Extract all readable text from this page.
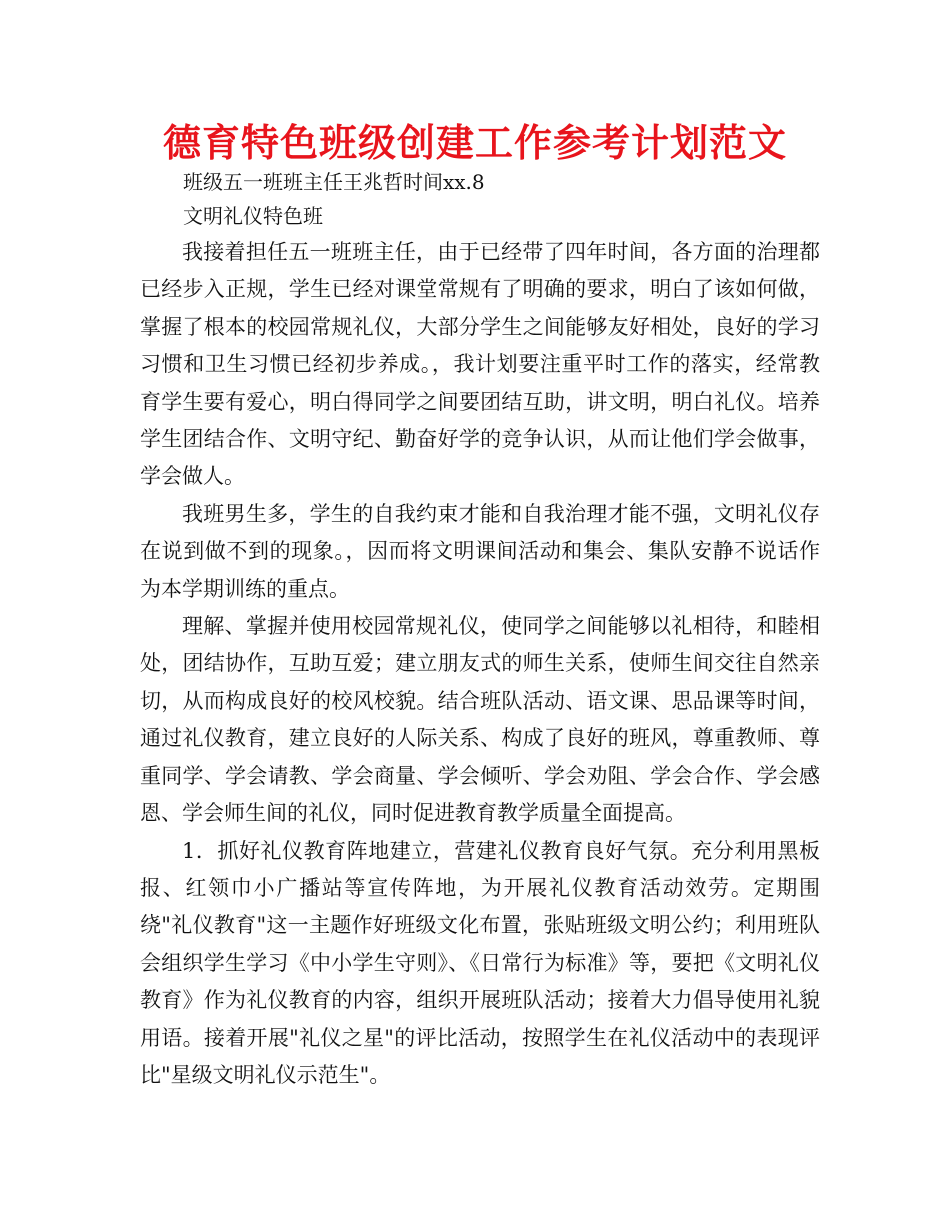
德育特色班级创建工作参考计划范文
班级五一班班主任王兆哲时间xx.8
文明礼仪特色班

我接着担任五一班班主任，由于已经带了四年时间，各方面的治理都已经步入正规，学生已经对课堂常规有了明确的要求，明白了该如何做，掌握了根本的校园常规礼仪，大部分学生之间能够友好相处，良好的学习习惯和卫生习惯已经初步养成。，我计划要注重平时工作的落实，经常教育学生要有爱心，明白得同学之间要团结互助，讲文明，明白礼仪。培养学生团结合作、文明守纪、勤奋好学的竞争认识，从而让他们学会做事，学会做人。

我班男生多，学生的自我约束才能和自我治理才能不强，文明礼仪存在说到做不到的现象。，因而将文明课间活动和集会、集队安静不说话作为本学期训练的重点。

理解、掌握并使用校园常规礼仪，使同学之间能够以礼相待，和睦相处，团结协作，互助互爱；建立朋友式的师生关系，使师生间交往自然亲切，从而构成良好的校风校貌。结合班队活动、语文课、思品课等时间，通过礼仪教育，建立良好的人际关系、构成了良好的班风，尊重教师、尊重同学、学会请教、学会商量、学会倾听、学会劝阻、学会合作、学会感恩、学会师生间的礼仪，同时促进教育教学质量全面提高。

1．抓好礼仪教育阵地建立，营建礼仪教育良好气氛。充分利用黑板报、红领巾小广播站等宣传阵地，为开展礼仪教育活动效劳。定期围绕"礼仪教育"这一主题作好班级文化布置，张贴班级文明公约；利用班队会组织学生学习《中小学生守则》、《日常行为标准》等，要把《文明礼仪教育》作为礼仪教育的内容，组织开展班队活动；接着大力倡导使用礼貌用语。接着开展"礼仪之星"的评比活动，按照学生在礼仪活动中的表现评比"星级文明礼仪示范生"。
